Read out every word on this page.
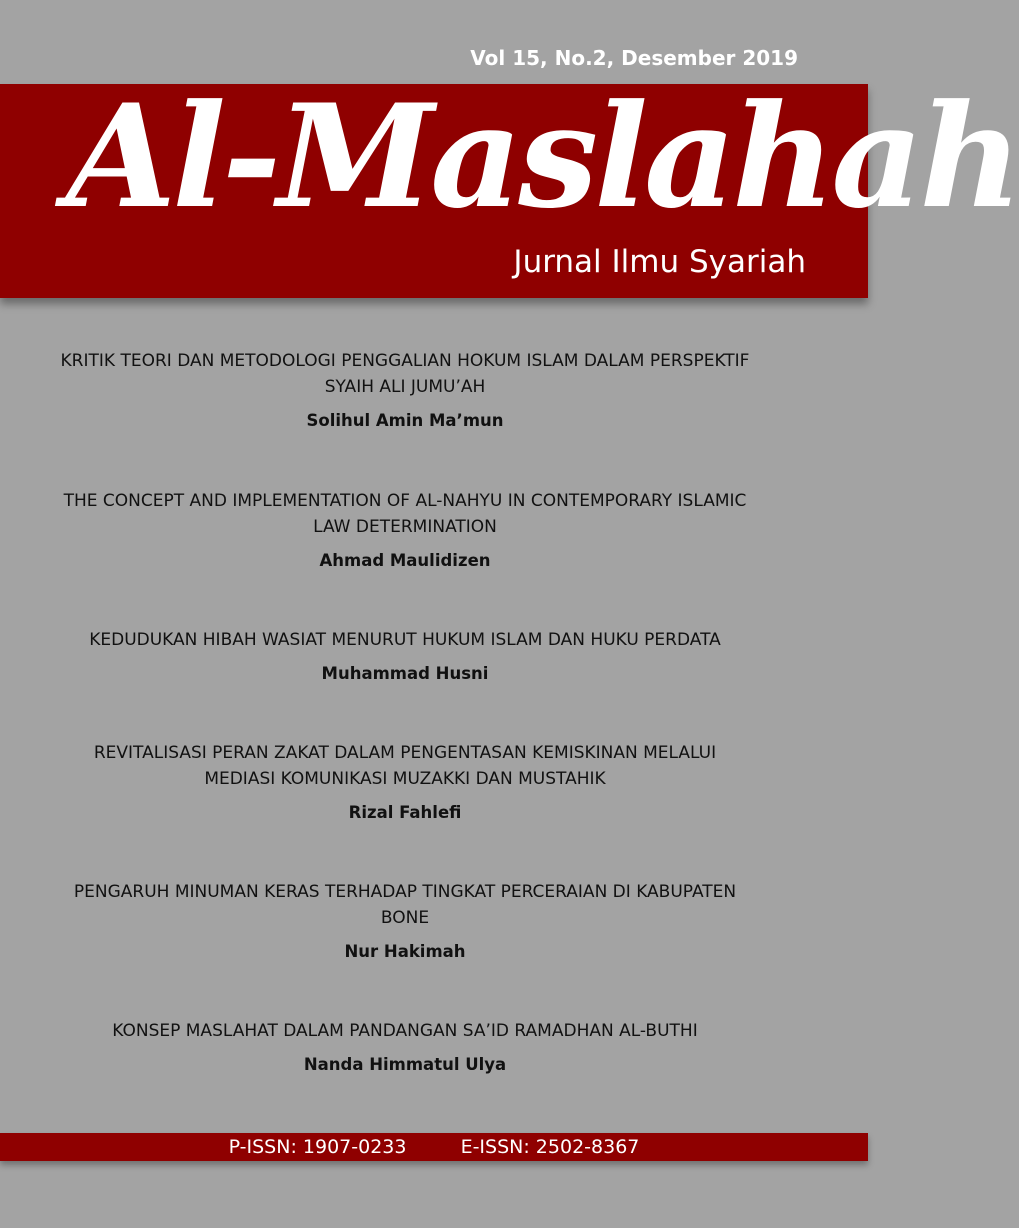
Vol 15, No.2, Desember 2019
Al-Maslahah
Jurnal Ilmu Syariah
KRITIK TEORI DAN METODOLOGI PENGGALIAN HOKUM ISLAM DALAM PERSPEKTIF
SYAIH ALI JUMU’AH
Solihul Amin Ma’mun
THE CONCEPT AND IMPLEMENTATION OF AL-NAHYU IN CONTEMPORARY ISLAMIC
LAW DETERMINATION
Ahmad Maulidizen
KEDUDUKAN HIBAH WASIAT MENURUT HUKUM ISLAM DAN HUKU PERDATA
Muhammad Husni
REVITALISASI PERAN ZAKAT DALAM PENGENTASAN KEMISKINAN MELALUI
MEDIASI KOMUNIKASI MUZAKKI DAN MUSTAHIK
Rizal Fahlefi
PENGARUH MINUMAN KERAS TERHADAP TINGKAT PERCERAIAN DI KABUPATEN
BONE
Nur Hakimah
KONSEP MASLAHAT DALAM PANDANGAN SA’ID RAMADHAN AL-BUTHI
Nanda Himmatul Ulya
P-ISSN: 1907-0233	E-ISSN: 2502-8367
